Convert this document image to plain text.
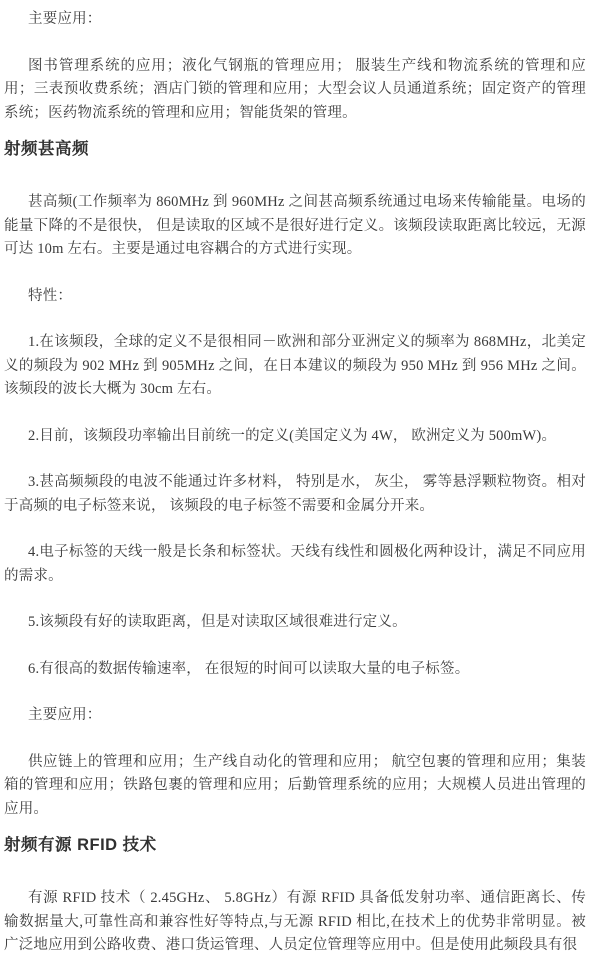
主要应用：

图书管理系统的应用；液化气钢瓶的管理应用； 服装生产线和物流系统的管理和应用；三表预收费系统；酒店门锁的管理和应用；大型会议人员通道系统；固定资产的管理系统；医药物流系统的管理和应用；智能货架的管理。

射频甚高频

甚高频(工作频率为 860MHz 到 960MHz 之间甚高频系统通过电场来传输能量。电场的能量下降的不是很快， 但是读取的区域不是很好进行定义。该频段读取距离比较远，无源可达 10m 左右。主要是通过电容耦合的方式进行实现。

特性：

1.在该频段，全球的定义不是很相同－欧洲和部分亚洲定义的频率为 868MHz，北美定义的频段为 902 MHz 到 905MHz 之间，在日本建议的频段为 950 MHz 到 956 MHz 之间。该频段的波长大概为 30cm 左右。

2.目前，该频段功率输出目前统一的定义(美国定义为 4W， 欧洲定义为 500mW)。

3.甚高频频段的电波不能通过许多材料， 特别是水， 灰尘， 雾等悬浮颗粒物资。相对于高频的电子标签来说， 该频段的电子标签不需要和金属分开来。

4.电子标签的天线一般是长条和标签状。天线有线性和圆极化两种设计，满足不同应用的需求。

5.该频段有好的读取距离，但是对读取区域很难进行定义。

6.有很高的数据传输速率， 在很短的时间可以读取大量的电子标签。

主要应用：

供应链上的管理和应用；生产线自动化的管理和应用； 航空包裹的管理和应用；集装箱的管理和应用；铁路包裹的管理和应用；后勤管理系统的应用；大规模人员进出管理的应用。

射频有源 RFID 技术

有源 RFID 技术（ 2.45GHz、 5.8GHz）有源 RFID 具备低发射功率、通信距离长、传输数据量大,可靠性高和兼容性好等特点,与无源 RFID 相比,在技术上的优势非常明显。被广泛地应用到公路收费、港口货运管理、人员定位管理等应用中。但是使用此频段具有很
